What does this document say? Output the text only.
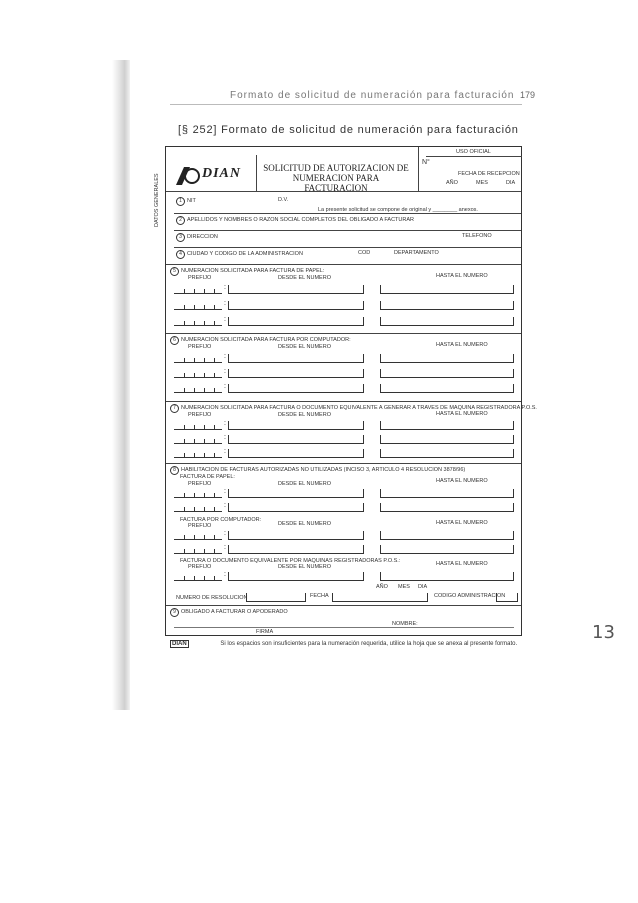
Formato de solicitud de numeración para facturación 179
[§ 252] Formato de solicitud de numeración para facturación
DIAN SOLICITUD DE AUTORIZACION DE
NUMERACION PARA FACTURACION
N°
USO OFICIAL
FECHA DE RECEPCION
AÑO	MES	DIA
DATOS GENERALES	1 NIT	D.V.
La presente solicitud se compone de original y ________ anexos.
2 APELLIDOS Y NOMBRES O RAZON SOCIAL COMPLETOS DEL OBLIGADO A FACTURAR
3 DIRECCION	TELEFONO
4 CIUDAD Y CODIGO DE LA ADMINISTRACION	COD	DEPARTAMENTO
5 NUMERACION SOLICITADA PARA FACTURA DE PAPEL:
PREFIJO	DESDE EL NUMERO	HASTA EL NUMERO
:
:
:
6 NUMERACION SOLICITADA PARA FACTURA POR COMPUTADOR:
PREFIJO	DESDE EL NUMERO	HASTA EL NUMERO
:
:
:
7 NUMERACION SOLICITADA PARA FACTURA O DOCUMENTO EQUIVALENTE A GENERAR A TRAVES DE MAQUINA REGISTRADORA P.O.S.
PREFIJO	DESDE EL NUMERO	HASTA EL NUMERO
:
:
:
8 HABILITACION DE FACTURAS AUTORIZADAS NO UTILIZADAS (INCISO 3, ARTICULO 4 RESOLUCION 3878/96)
FACTURA DE PAPEL:
PREFIJO	DESDE EL NUMERO	HASTA EL NUMERO
:
:
FACTURA POR COMPUTADOR:
PREFIJO	DESDE EL NUMERO	HASTA EL NUMERO
:
:
FACTURA O DOCUMENTO EQUIVALENTE POR MAQUINAS REGISTRADORAS P.O.S.:
PREFIJO	DESDE EL NUMERO	HASTA EL NUMERO
:
AÑO MES DIA
NUMERO DE RESOLUCION	FECHA	CODIGO ADMINISTRACION
9 OBLIGADO A FACTURAR O APODERADO
NOMBRE:
FIRMA
DIAN	Si los espacios son insuficientes para la numeración requerida, utilice la hoja que se anexa al presente formato.
13
